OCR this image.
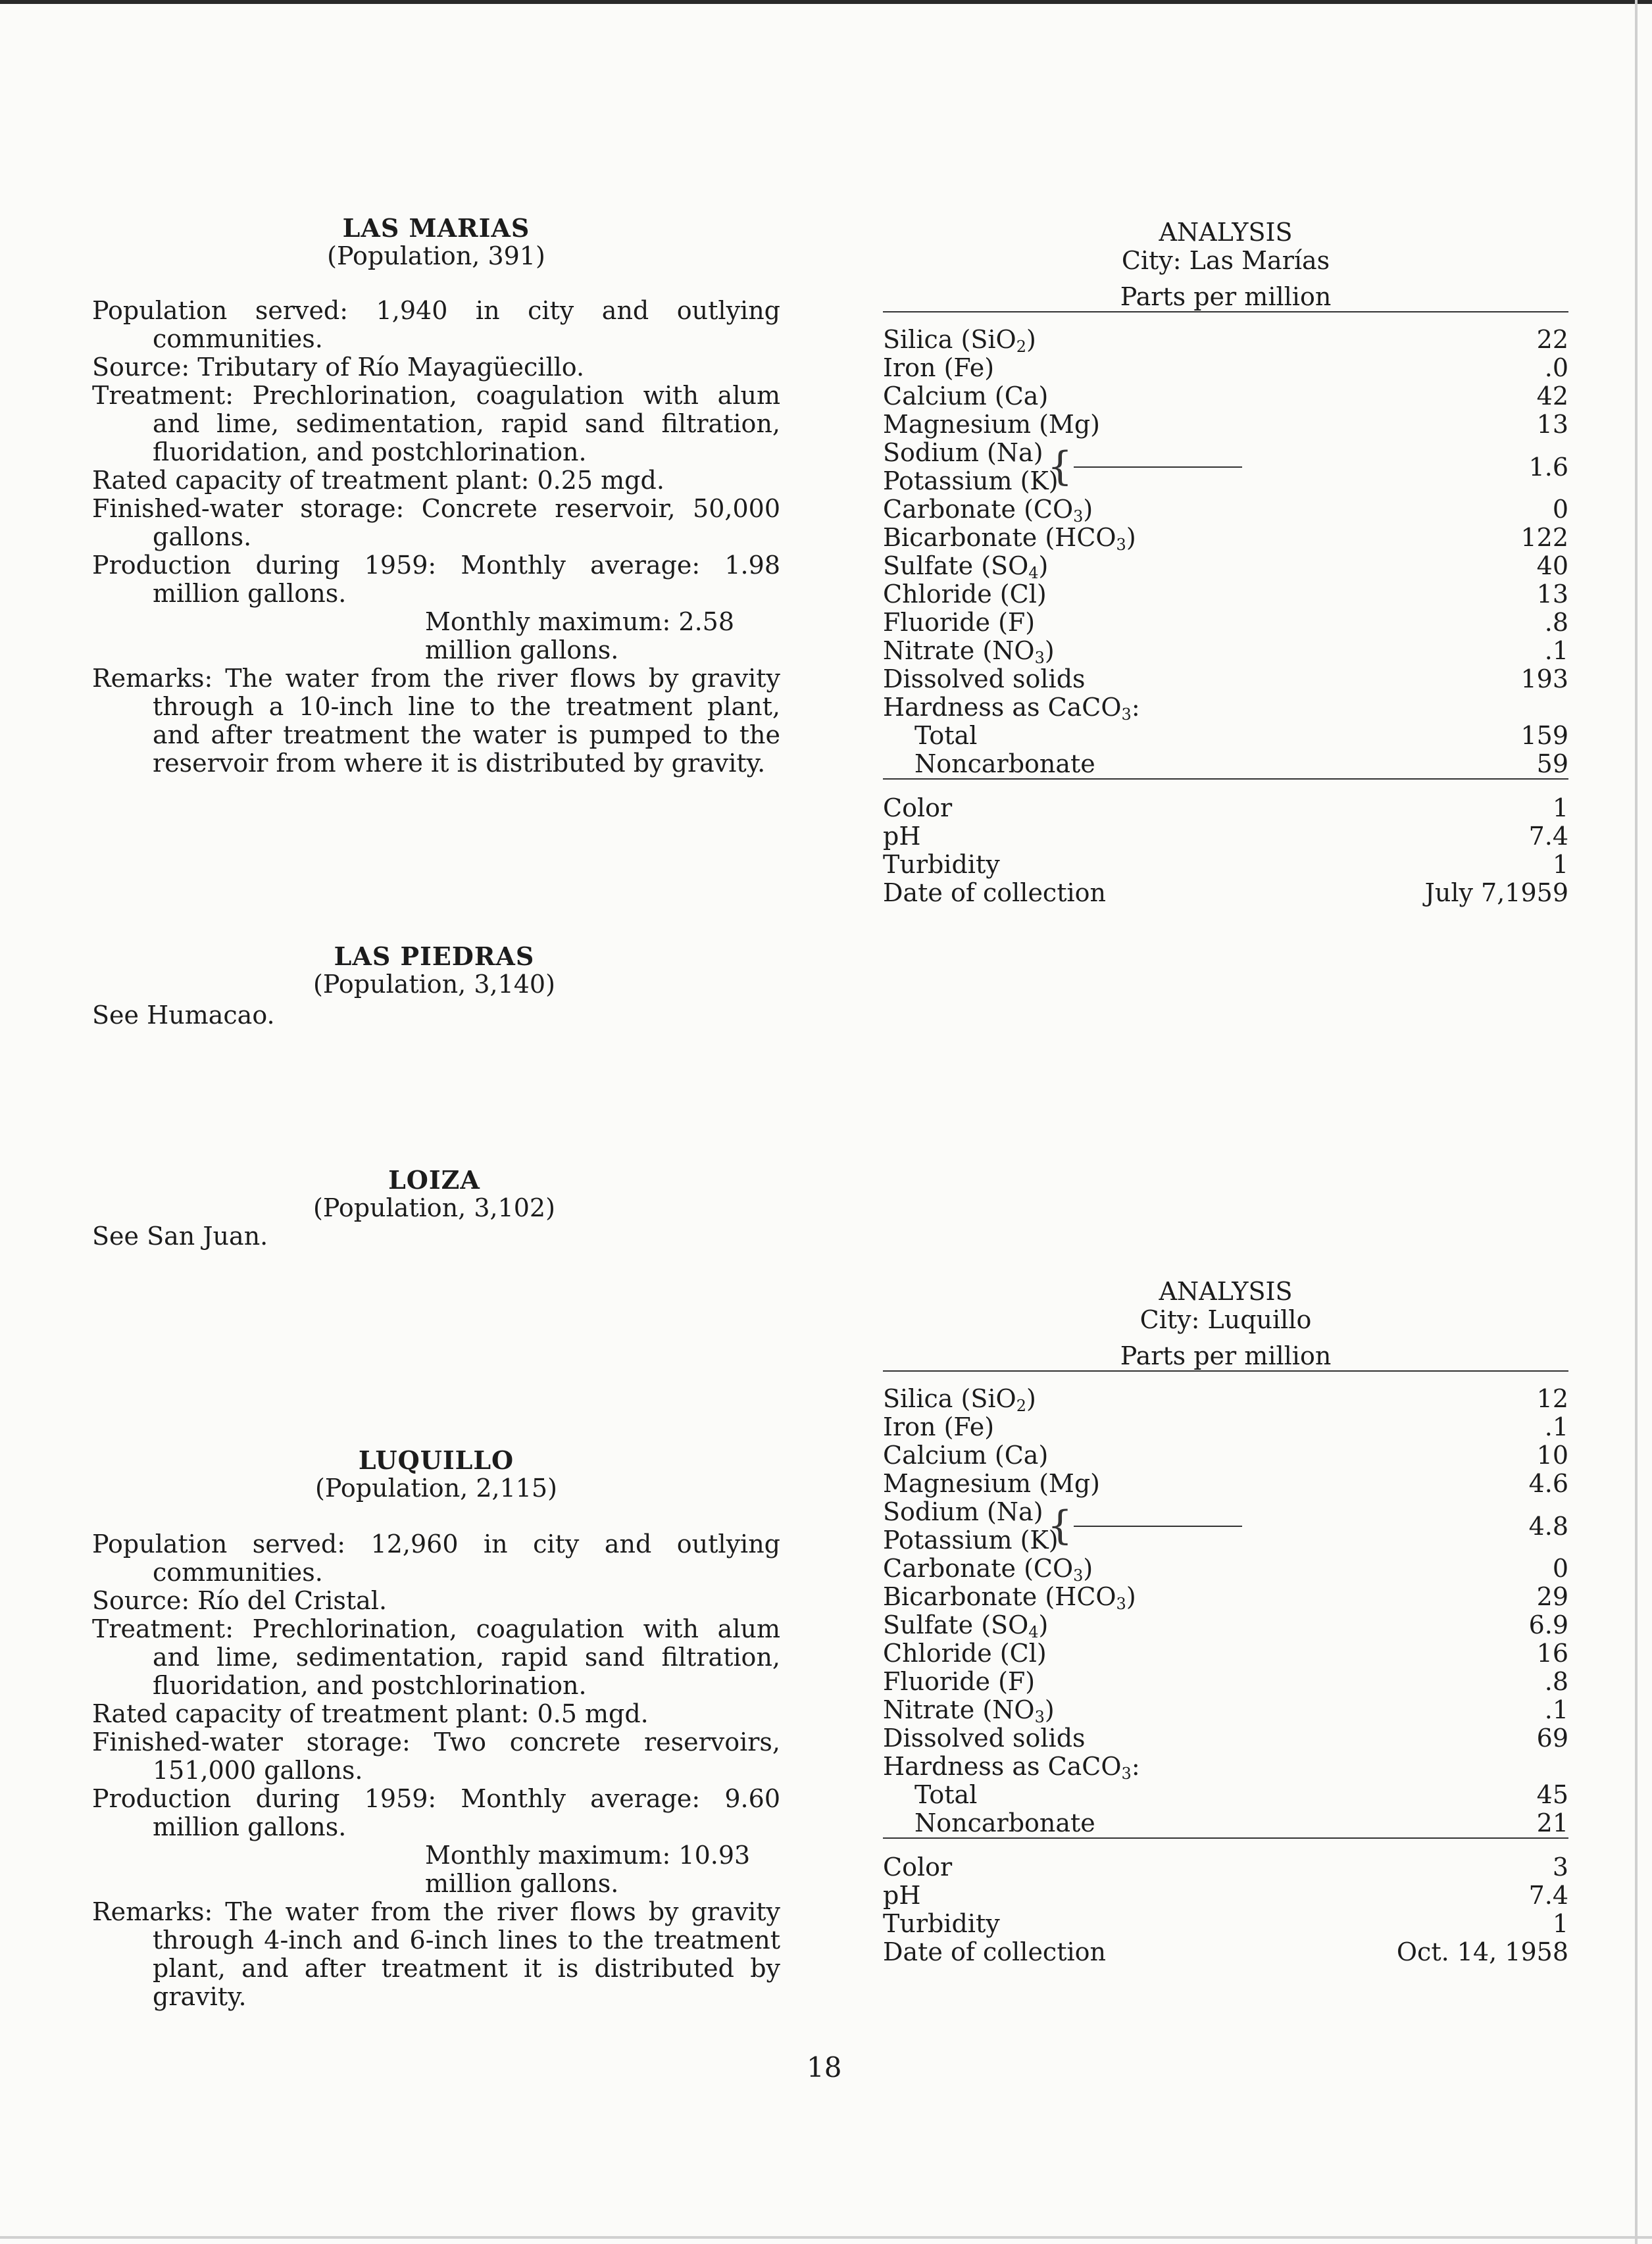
LAS MARIAS
(Population, 391)

Population served: 1,940 in city and outlying communities.

Source: Tributary of Río Mayagüecillo.

Treatment: Prechlorination, coagulation with alum and lime, sedimentation, rapid sand filtration, fluoridation, and postchlorination.

Rated capacity of treatment plant: 0.25 mgd.

Finished-water storage: Concrete reservoir, 50,000 gallons.

Production during 1959: Monthly average: 1.98 million gallons.

Monthly maximum: 2.58 million gallons.

Remarks: The water from the river flows by gravity through a 10-inch line to the treatment plant, and after treatment the water is pumped to the reservoir from where it is distributed by gravity.

LAS PIEDRAS
(Population, 3,140)
See Humacao.
LOIZA
(Population, 3,102)
See San Juan.
LUQUILLO
(Population, 2,115)

Population served: 12,960 in city and outlying communities.

Source: Río del Cristal.

Treatment: Prechlorination, coagulation with alum and lime, sedimentation, rapid sand filtration, fluoridation, and postchlorination.

Rated capacity of treatment plant: 0.5 mgd.

Finished-water storage: Two concrete reservoirs, 151,000 gallons.

Production during 1959: Monthly average: 9.60 million gallons.

Monthly maximum: 10.93 million gallons.

Remarks: The water from the river flows by gravity through 4-inch and 6-inch lines to the treatment plant, and after treatment it is distributed by gravity.

ANALYSIS
City: Las Marías
Parts per million
Silica (SiO$_2$)	22
Iron (Fe)	.0
Calcium (Ca)	42
Magnesium (Mg)	13
Sodium (Na)
Potassium (K)
{	1.6
Carbonate $(CO_3)$	0
Bicarbonate $(HCO_3)$	122
Sulfate $(SO_4)$	40
Chloride (Cl)	13
Fluoride (F)	.8
Nitrate $(NO_3)$	.1
Dissolved solids	193
Hardness as CaCO$_3$:
Total	159
Noncarbonate	59
Color	1
pH	7.4
Turbidity	1
Date of collection	July 7,1959
ANALYSIS
City: Luquillo
Parts per million
Silica (SiO$_2$)	12
Iron (Fe)	.1
Calcium (Ca)	10
Magnesium (Mg)	4.6
Sodium (Na)
Potassium (K)
{	4.8
Carbonate $(CO_3)$	0
Bicarbonate $(HCO_3)$	29
Sulfate $(SO_4)$	6.9
Chloride (Cl)	16
Fluoride (F)	.8
Nitrate $(NO_3)$	.1
Dissolved solids	69
Hardness as CaCO$_3$:
Total	45
Noncarbonate	21
Color	3
pH	7.4
Turbidity	1
Date of collection	Oct. 14, 1958
18
